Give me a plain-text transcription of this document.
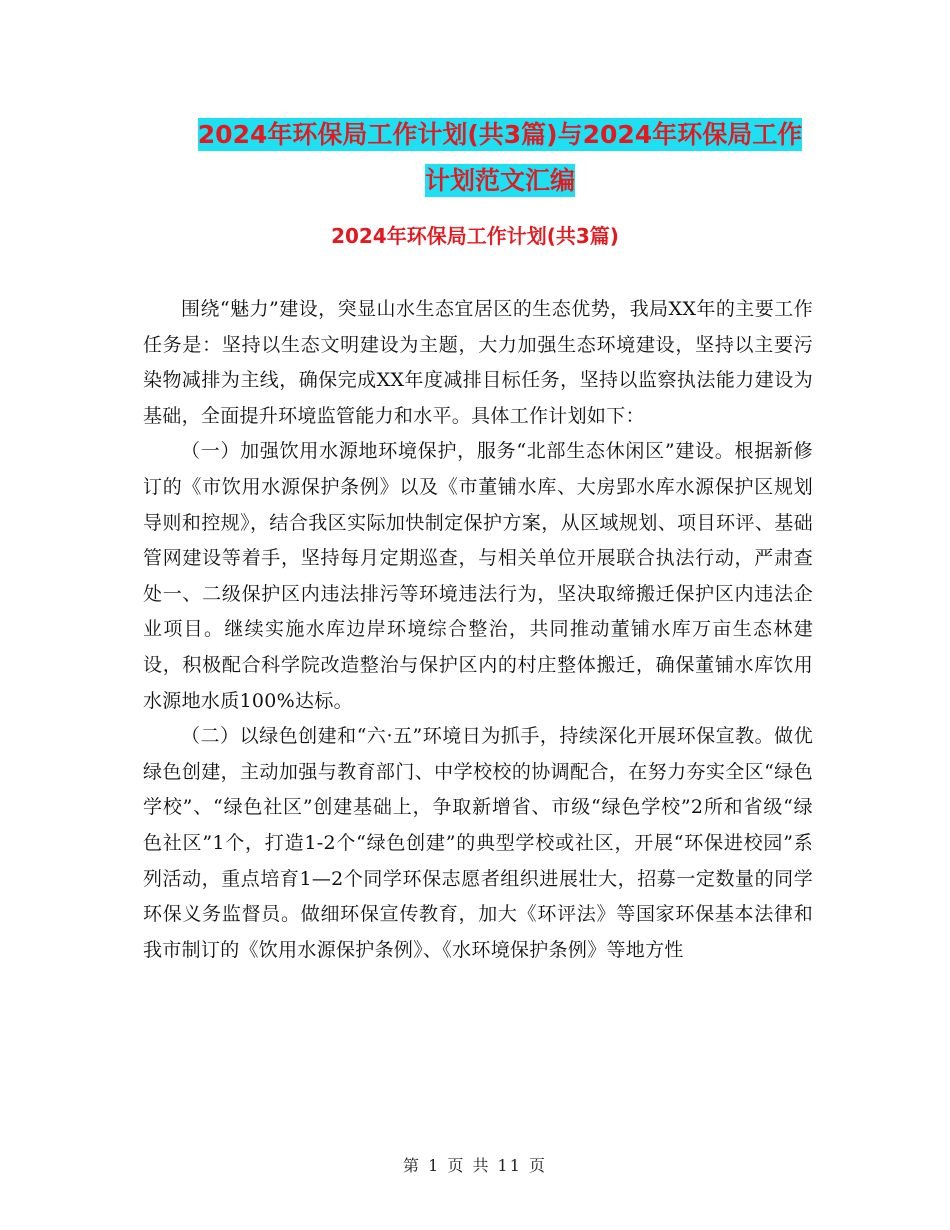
2024年环保局工作计划(共3篇)与2024年环保局工作
计划范文汇编
2024年环保局工作计划(共3篇)

围绕“魅力”建设，突显山水生态宜居区的生态优势，我局XX年的主要工作任务是：坚持以生态文明建设为主题，大力加强生态环境建设，坚持以主要污染物减排为主线，确保完成XX年度减排目标任务，坚持以监察执法能力建设为基础，全面提升环境监管能力和水平。具体工作计划如下：

（一）加强饮用水源地环境保护，服务“北部生态休闲区”建设。根据新修订的《市饮用水源保护条例》以及《市董铺水库、大房郢水库水源保护区规划导则和控规》，结合我区实际加快制定保护方案，从区域规划、项目环评、基础管网建设等着手，坚持每月定期巡查，与相关单位开展联合执法行动，严肃查处一、二级保护区内违法排污等环境违法行为，坚决取缔搬迁保护区内违法企业项目。继续实施水库边岸环境综合整治，共同推动董铺水库万亩生态林建设，积极配合科学院改造整治与保护区内的村庄整体搬迁，确保董铺水库饮用水源地水质100%达标。

（二）以绿色创建和“六·五”环境日为抓手，持续深化开展环保宣教。做优绿色创建，主动加强与教育部门、中学校校的协调配合，在努力夯实全区“绿色学校”、“绿色社区”创建基础上，争取新增省、市级“绿色学校”2所和省级“绿色社区”1个，打造1-2个“绿色创建”的典型学校或社区，开展“环保进校园”系列活动，重点培育1—2个同学环保志愿者组织进展壮大，招募一定数量的同学环保义务监督员。做细环保宣传教育，加大《环评法》等国家环保基本法律和我市制订的《饮用水源保护条例》、《水环境保护条例》等地方性

第 1 页 共 11 页
